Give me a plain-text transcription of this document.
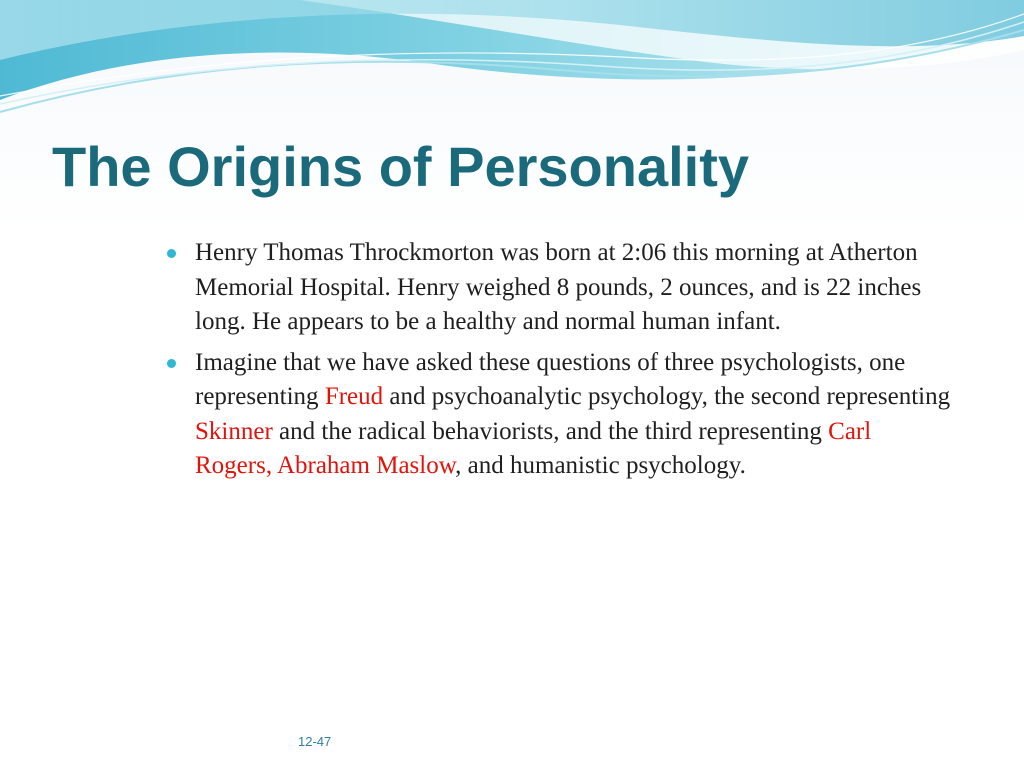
The Origins of Personality
Henry Thomas Throckmorton was born at 2:06 this morning at Atherton Memorial Hospital. Henry weighed 8 pounds, 2 ounces, and is 22 inches long. He appears to be a healthy and normal human infant.
Imagine that we have asked these questions of three psychologists, one representing Freud and psychoanalytic psychology, the second representing Skinner and the radical behaviorists, and the third representing Carl Rogers, Abraham Maslow, and humanistic psychology.
12-47
